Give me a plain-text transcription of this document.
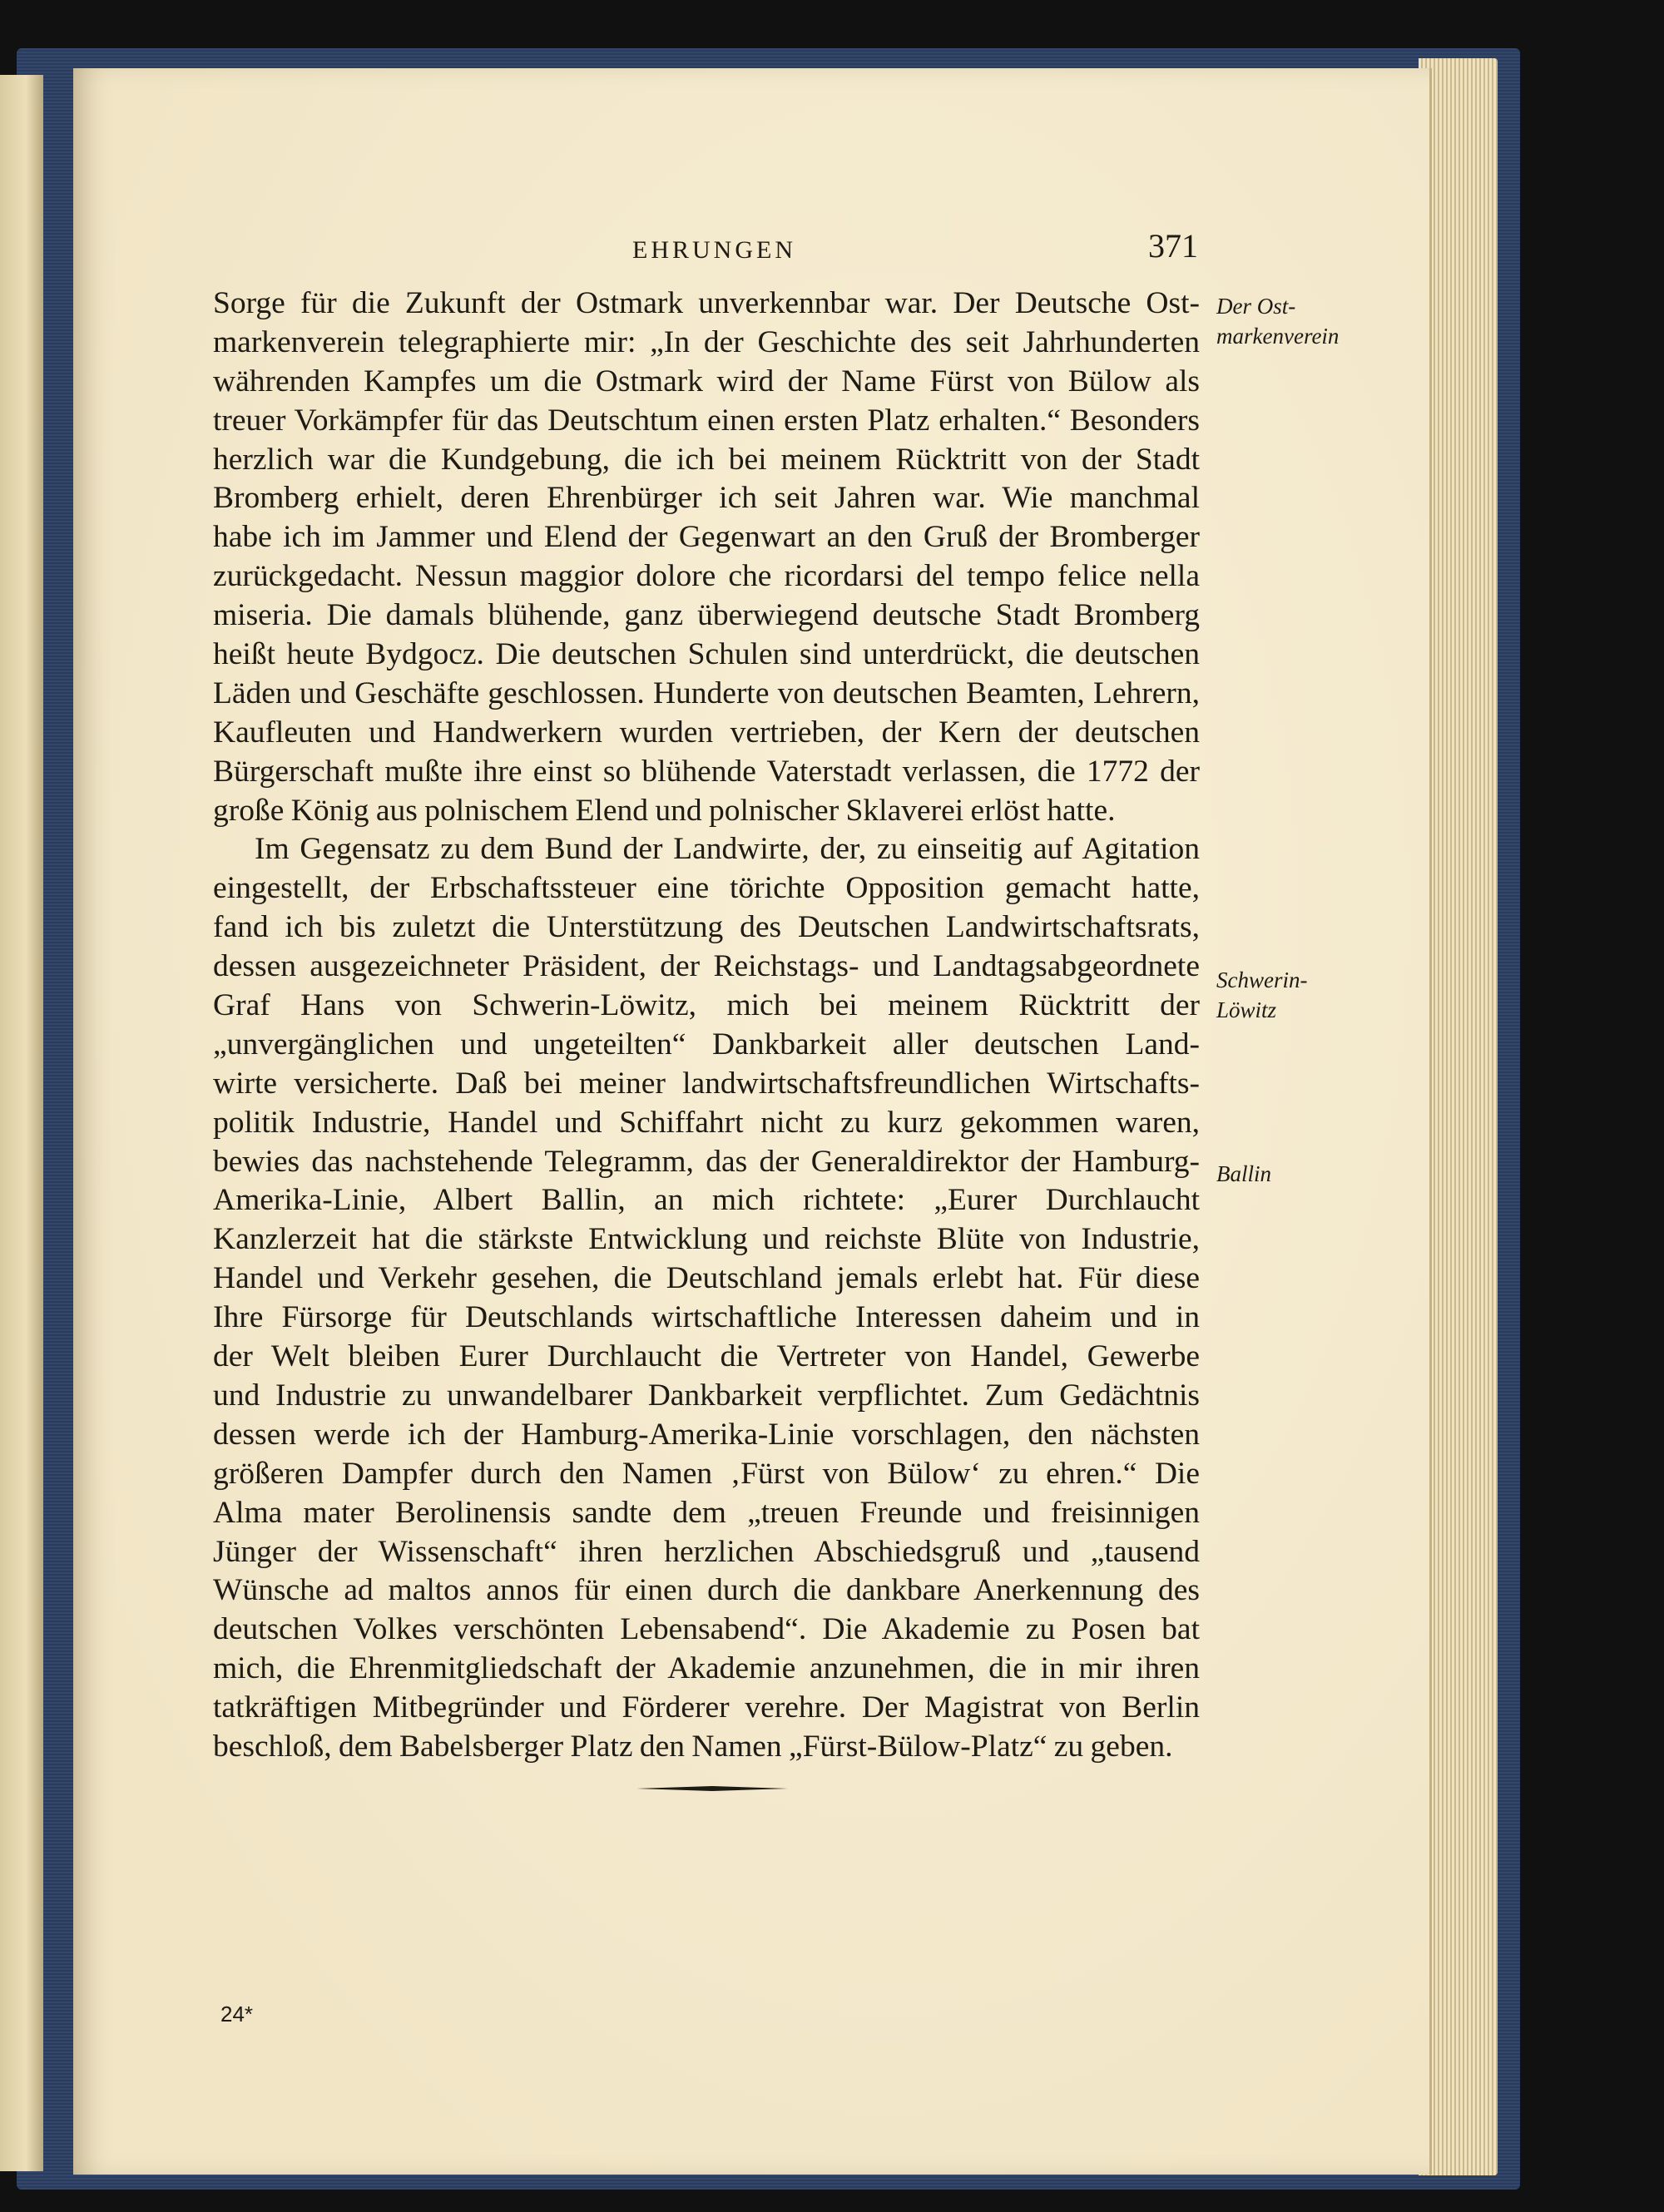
EHRUNGEN	371

Sorge für die Zukunft der Ostmark unverkennbar war. Der Deutsche Ost-
markenverein telegraphierte mir: „In der Geschichte des seit Jahrhunderten
währenden Kampfes um die Ostmark wird der Name Fürst von Bülow als
treuer Vorkämpfer für das Deutschtum einen ersten Platz erhalten.“ Besonders
herzlich war die Kundgebung, die ich bei meinem Rücktritt von der Stadt
Bromberg erhielt, deren Ehrenbürger ich seit Jahren war. Wie manchmal
habe ich im Jammer und Elend der Gegenwart an den Gruß der Bromberger
zurückgedacht. Nessun maggior dolore che ricordarsi del tempo felice nella
miseria. Die damals blühende, ganz überwiegend deutsche Stadt Bromberg
heißt heute Bydgocz. Die deutschen Schulen sind unterdrückt, die deutschen
Läden und Geschäfte geschlossen. Hunderte von deutschen Beamten, Lehrern,
Kaufleuten und Handwerkern wurden vertrieben, der Kern der deutschen
Bürgerschaft mußte ihre einst so blühende Vaterstadt verlassen, die 1772 der
große König aus polnischem Elend und polnischer Sklaverei erlöst hatte.
Im Gegensatz zu dem Bund der Landwirte, der, zu einseitig auf Agitation
eingestellt, der Erbschaftssteuer eine törichte Opposition gemacht hatte,
fand ich bis zuletzt die Unterstützung des Deutschen Landwirtschaftsrats,
dessen ausgezeichneter Präsident, der Reichstags- und Landtagsabgeordnete
Graf Hans von Schwerin-Löwitz, mich bei meinem Rücktritt der
„unvergänglichen und ungeteilten“ Dankbarkeit aller deutschen Land-
wirte versicherte. Daß bei meiner landwirtschaftsfreundlichen Wirtschafts-
politik Industrie, Handel und Schiffahrt nicht zu kurz gekommen waren,
bewies das nachstehende Telegramm, das der Generaldirektor der Hamburg-
Amerika-Linie, Albert Ballin, an mich richtete: „Eurer Durchlaucht
Kanzlerzeit hat die stärkste Entwicklung und reichste Blüte von Industrie,
Handel und Verkehr gesehen, die Deutschland jemals erlebt hat. Für diese
Ihre Fürsorge für Deutschlands wirtschaftliche Interessen daheim und in
der Welt bleiben Eurer Durchlaucht die Vertreter von Handel, Gewerbe
und Industrie zu unwandelbarer Dankbarkeit verpflichtet. Zum Gedächtnis
dessen werde ich der Hamburg-Amerika-Linie vorschlagen, den nächsten
größeren Dampfer durch den Namen ‚Fürst von Bülow‘ zu ehren.“ Die
Alma mater Berolinensis sandte dem „treuen Freunde und freisinnigen
Jünger der Wissenschaft“ ihren herzlichen Abschiedsgruß und „tausend
Wünsche ad maltos annos für einen durch die dankbare Anerkennung des
deutschen Volkes verschönten Lebensabend“. Die Akademie zu Posen bat
mich, die Ehrenmitgliedschaft der Akademie anzunehmen, die in mir ihren
tatkräftigen Mitbegründer und Förderer verehre. Der Magistrat von Berlin
beschloß, dem Babelsberger Platz den Namen „Fürst-Bülow-Platz“ zu geben.
Der Ost-
markenverein
Schwerin-
Löwitz
Ballin

24*
